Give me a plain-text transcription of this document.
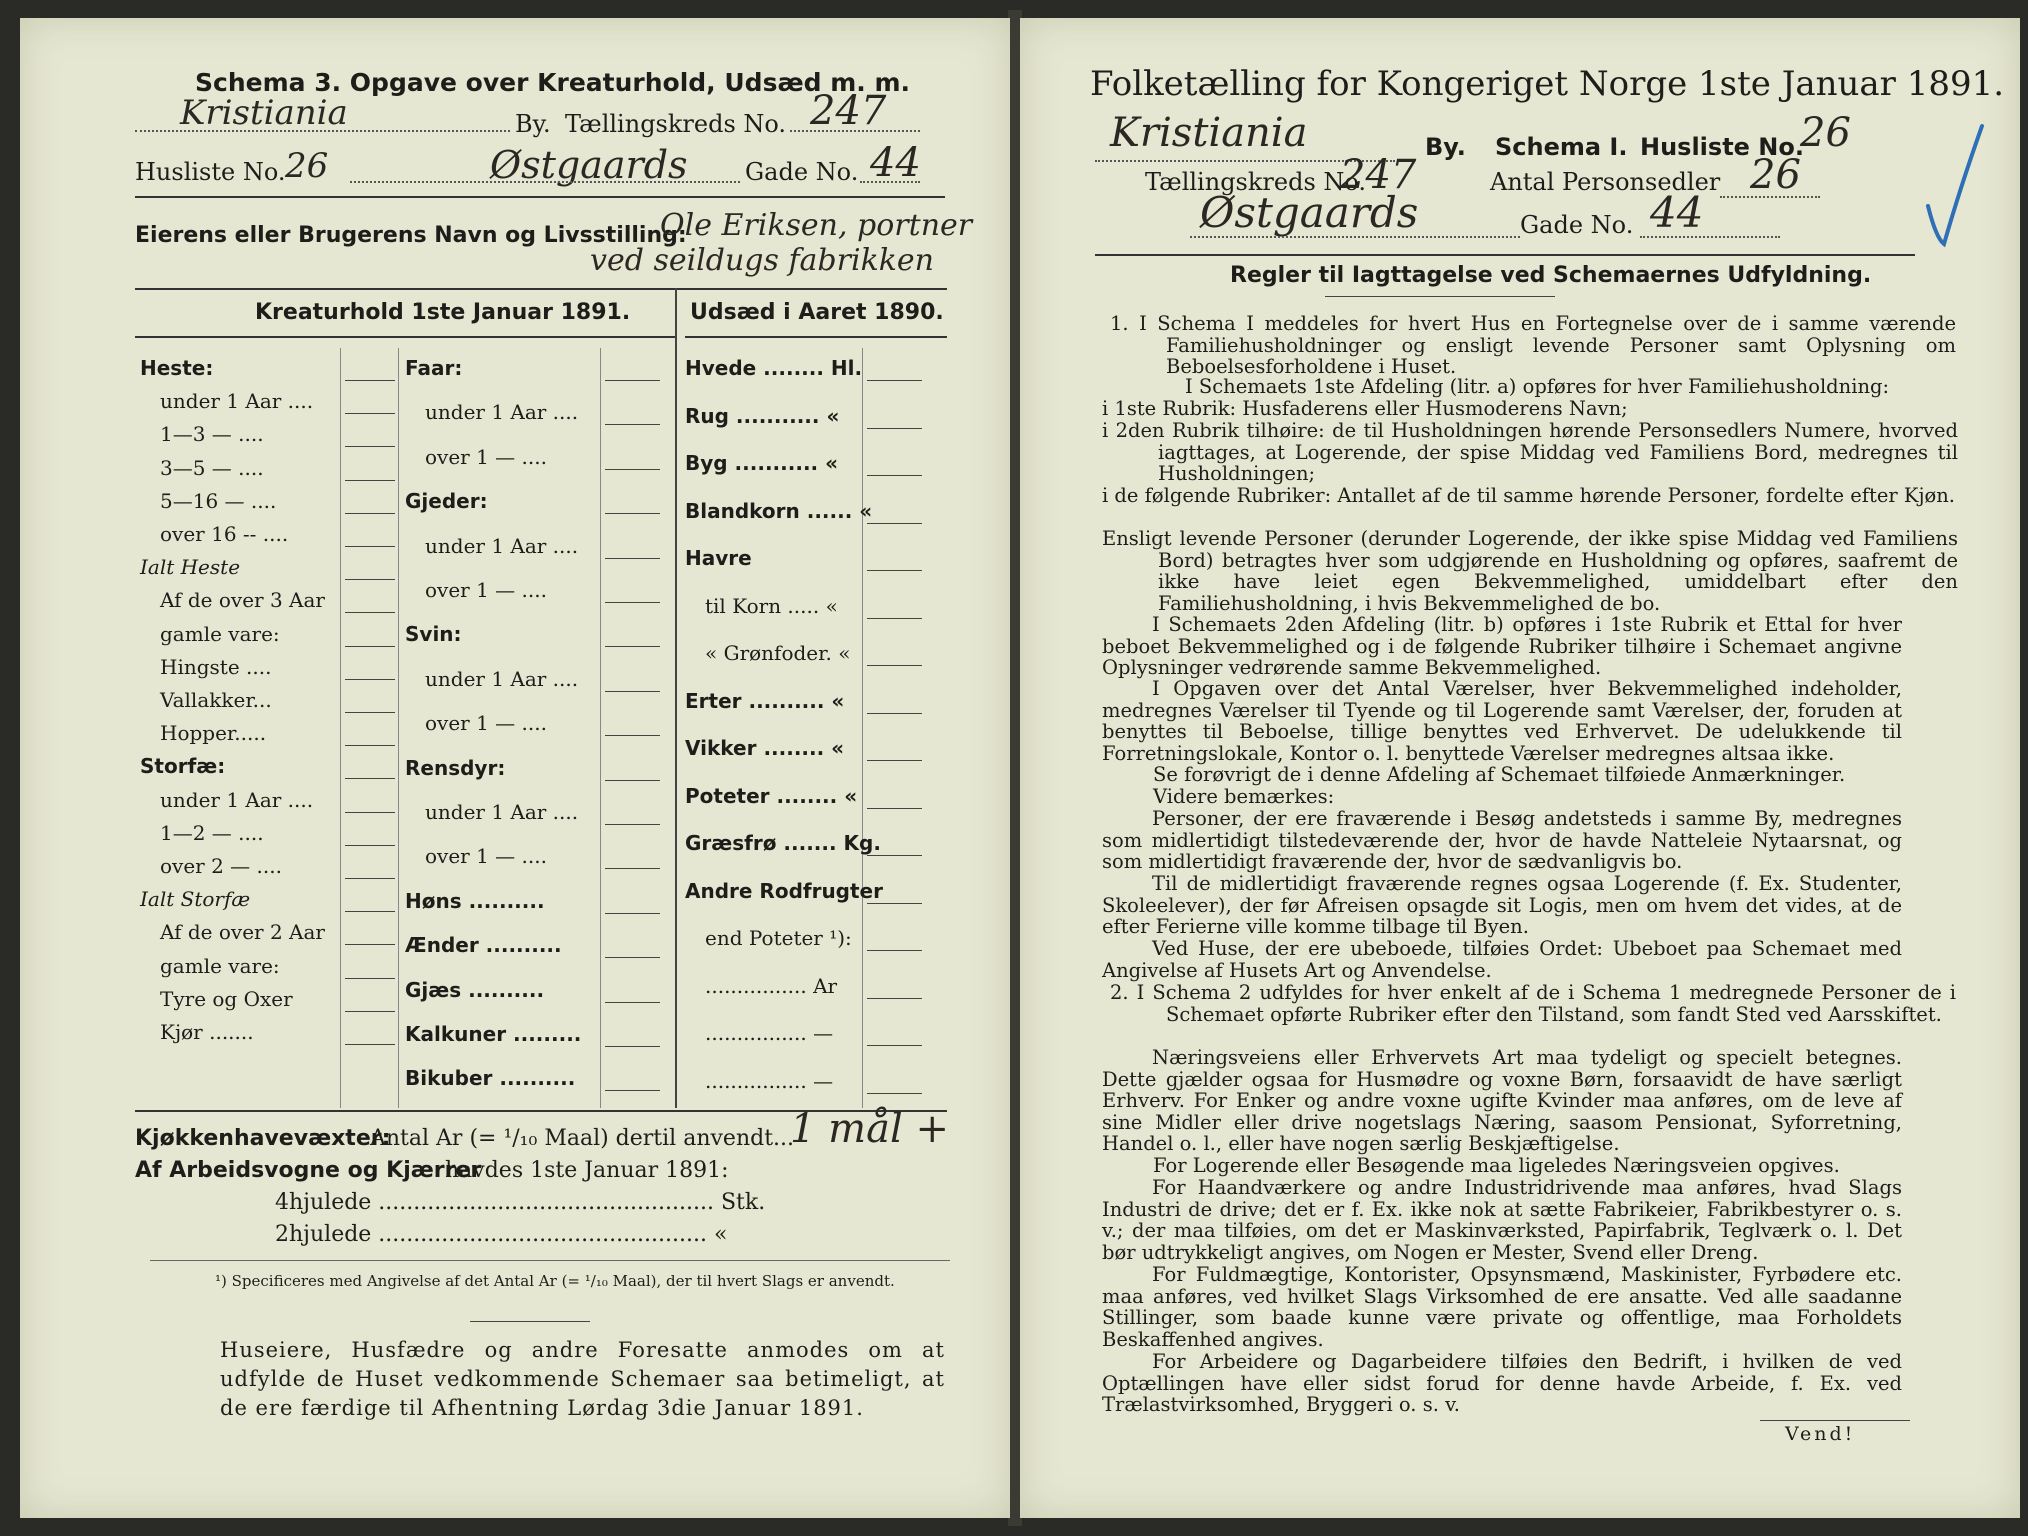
Schema 3. Opgave over Kreaturhold, Udsæd m. m.
Kristiania	By. Tællingskreds No. 247
Husliste No. 26	Østgaards Gade No. 44
Eierens eller Brugerens Navn og Livsstilling:
Ole Eriksen, portner
ved seildugs fabrikken
Kreaturhold 1ste Januar 1891.	Udsæd i Aaret 1890.
Heste:
under 1 Aar ....
1—3 — ....
3—5 — ....
5—16 — ....
over 16 -- ....
Ialt Heste
Af de over 3 Aar
gamle vare:
Hingste ....
Vallakker...
Hopper.....
Storfæ:
under 1 Aar ....
1—2 — ....
over 2 — ....
Ialt Storfæ
Af de over 2 Aar
gamle vare:
Tyre og Oxer
Kjør .......
Faar:
under 1 Aar ....
over 1 — ....
Gjeder:
under 1 Aar ....
over 1 — ....
Svin:
under 1 Aar ....
over 1 — ....
Rensdyr:
under 1 Aar ....
over 1 — ....
Høns ..........
Ænder ..........
Gjæs ..........
Kalkuner .........
Bikuber ..........
Hvede ........ Hl.
Rug ........... «
Byg ........... «
Blandkorn ...... «
Havre
til Korn ..... «
« Grønfoder. «
Erter .......... «
Vikker ........ «
Poteter ........ «
Græsfrø ....... Kg.
Andre Rodfrugter
end Poteter ¹):
................ Ar
................ —
................ —
Kjøkkenhavevæxter:
Antal Ar (= ¹/₁₀ Maal) dertil anvendt...
1 mål +
Af Arbeidsvogne og Kjærrer
havdes 1ste Januar 1891:
4hjulede ................................................ Stk.
2hjulede ............................................... «
¹) Specificeres med Angivelse af det Antal Ar (= ¹/₁₀ Maal), der til hvert Slags er anvendt.
Huseiere, Husfædre og andre Foresatte anmodes om at udfylde de Huset vedkommende Schemaer saa betimeligt, at de ere færdige til Afhentning Lørdag 3die Januar 1891.
Folketælling for Kongeriget Norge 1ste Januar 1891.
Kristiania	By. Schema I. Husliste No.
26
Tællingskreds No.
247	Antal Personsedler 26
Østgaards	Gade No. 44
Regler til Iagttagelse ved Schemaernes Udfyldning.
1. I Schema I meddeles for hvert Hus en Fortegnelse over de i samme værende Familiehusholdninger og ensligt levende Personer samt Oplysning om Beboelsesforholdene i Huset.
I Schemaets 1ste Afdeling (litr. a) opføres for hver Familiehusholdning:
i 1ste Rubrik: Husfaderens eller Husmoderens Navn;
i 2den Rubrik tilhøire: de til Husholdningen hørende Personsedlers Numere, hvorved iagttages, at Logerende, der spise Middag ved Familiens Bord, medregnes til Husholdningen;
i de følgende Rubriker: Antallet af de til samme hørende Personer, fordelte efter Kjøn.
Ensligt levende Personer (derunder Logerende, der ikke spise Middag ved Familiens Bord) betragtes hver som udgjørende en Husholdning og opføres, saafremt de ikke have leiet egen Bekvemmelighed, umiddelbart efter den Familiehusholdning, i hvis Bekvemmelighed de bo.
I Schemaets 2den Afdeling (litr. b) opføres i 1ste Rubrik et Ettal for hver beboet Bekvemmelighed og i de følgende Rubriker tilhøire i Schemaet angivne Oplysninger vedrørende samme Bekvemmelighed.
I Opgaven over det Antal Værelser, hver Bekvemmelighed indeholder, medregnes Værelser til Tyende og til Logerende samt Værelser, der, foruden at benyttes til Beboelse, tillige benyttes ved Erhvervet. De udelukkende til Forretningslokale, Kontor o. l. benyttede Værelser medregnes altsaa ikke.
Se forøvrigt de i denne Afdeling af Schemaet tilføiede Anmærkninger.
Videre bemærkes:
Personer, der ere fraværende i Besøg andetsteds i samme By, medregnes som midlertidigt tilstedeværende der, hvor de havde Natteleie Nytaarsnat, og som midlertidigt fraværende der, hvor de sædvanligvis bo.
Til de midlertidigt fraværende regnes ogsaa Logerende (f. Ex. Studenter, Skoleelever), der før Afreisen opsagde sit Logis, men om hvem det vides, at de efter Ferierne ville komme tilbage til Byen.
Ved Huse, der ere ubeboede, tilføies Ordet: Ubeboet paa Schemaet med Angivelse af Husets Art og Anvendelse.
2. I Schema 2 udfyldes for hver enkelt af de i Schema 1 medregnede Personer de i Schemaet opførte Rubriker efter den Tilstand, som fandt Sted ved Aarsskiftet.
Næringsveiens eller Erhvervets Art maa tydeligt og specielt betegnes. Dette gjælder ogsaa for Husmødre og voxne Børn, forsaavidt de have særligt Erhverv. For Enker og andre voxne ugifte Kvinder maa anføres, om de leve af sine Midler eller drive nogetslags Næring, saasom Pensionat, Syforretning, Handel o. l., eller have nogen særlig Beskjæftigelse.
For Logerende eller Besøgende maa ligeledes Næringsveien opgives.
For Haandværkere og andre Industridrivende maa anføres, hvad Slags Industri de drive; det er f. Ex. ikke nok at sætte Fabrikeier, Fabrikbestyrer o. s. v.; der maa tilføies, om det er Maskinværksted, Papirfabrik, Teglværk o. l. Det bør udtrykkeligt angives, om Nogen er Mester, Svend eller Dreng.
For Fuldmægtige, Kontorister, Opsynsmænd, Maskinister, Fyrbødere etc. maa anføres, ved hvilket Slags Virksomhed de ere ansatte. Ved alle saadanne Stillinger, som baade kunne være private og offentlige, maa Forholdets Beskaffenhed angives.
For Arbeidere og Dagarbeidere tilføies den Bedrift, i hvilken de ved Optællingen have eller sidst forud for denne havde Arbeide, f. Ex. ved Trælastvirksomhed, Bryggeri o. s. v.
Vend!
